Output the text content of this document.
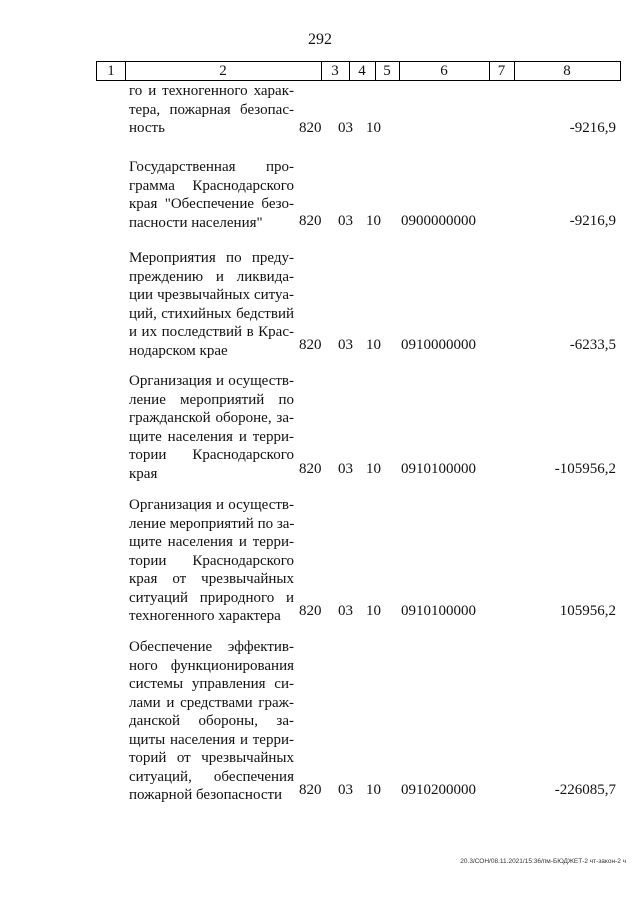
292
1	2	3	4	5	6	7	8
го и техногенного харак-
тера, пожарная безопас-
ность	820 03 10	-9216,9
Государственная про-
грамма Краснодарского
края "Обеспечение безо-
пасности населения"	820 03 10 0900000000	-9216,9
Мероприятия по преду-
преждению и ликвида-
ции чрезвычайных ситуа-
ций, стихийных бедствий
и их последствий в Крас-
нодарском крае	820 03 10 0910000000	-6233,5
Организация и осуществ-
ление мероприятий по
гражданской обороне, за-
щите населения и терри-
тории Краснодарского
края	820 03 10 0910100000	-105956,2
Организация и осуществ-
ление мероприятий по за-
щите населения и терри-
тории Краснодарского
края от чрезвычайных
ситуаций природного и
техногенного характера	820 03 10 0910100000	105956,2
Обеспечение эффектив-
ного функционирования
системы управления си-
лами и средствами граж-
данской обороны, за-
щиты населения и терри-
торий от чрезвычайных
ситуаций, обеспечения
пожарной безопасности	820 03 10 0910200000	-226085,7
20.3/СОН/08.11.2021/15:36/пм-БЮДЖЕТ-2 чт-закон-2 ч
